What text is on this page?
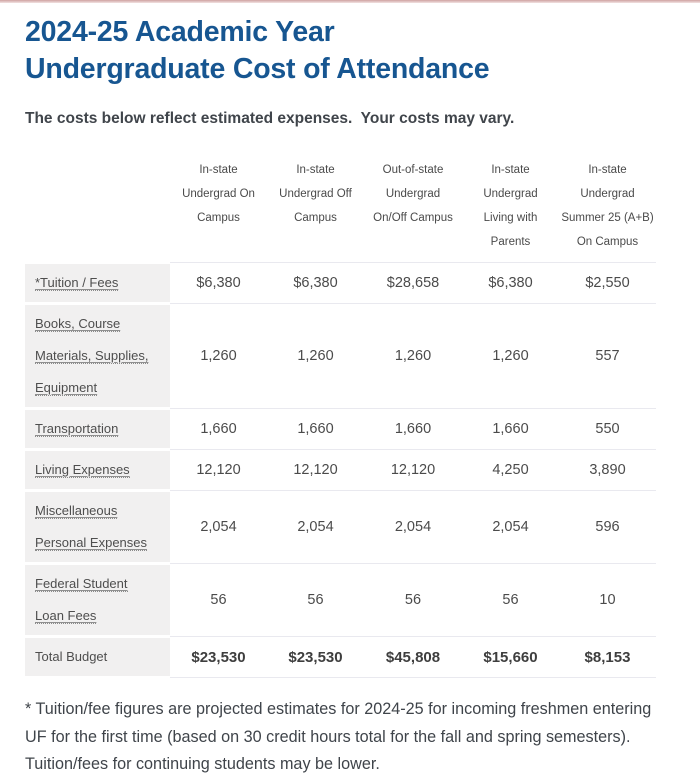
2024-25 Academic Year
Undergraduate Cost of Attendance

The costs below reflect estimated expenses.  Your costs may vary.

	In-state
Undergrad On
Campus	In-state
Undergrad Off
Campus	Out-of-state
Undergrad
On/Off Campus	In-state
Undergrad
Living with
Parents	In-state
Undergrad
Summer 25 (A+B)
On Campus
*Tuition / Fees	$6,380	$6,380	$28,658	$6,380	$2,550
Books, Course
Materials, Supplies,
Equipment	1,260	1,260	1,260	1,260	557
Transportation	1,660	1,660	1,660	1,660	550
Living Expenses	12,120	12,120	12,120	4,250	3,890
Miscellaneous
Personal Expenses	2,054	2,054	2,054	2,054	596
Federal Student
Loan Fees	56	56	56	56	10
Total Budget	$23,530	$23,530	$45,808	$15,660	$8,153

* Tuition/fee figures are projected estimates for 2024-25 for incoming freshmen entering UF for the first time (based on 30 credit hours total for the fall and spring semesters). Tuition/fees for continuing students may be lower.
